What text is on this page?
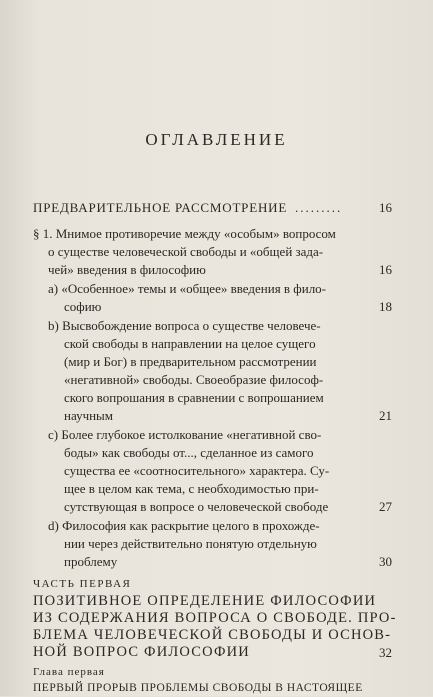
ОГЛАВЛЕНИЕ
ПРЕДВАРИТЕЛЬНОЕ РАССМОТРЕНИЕ .........	16
§ 1. Мнимое противоречие между «особым» вопросом
о существе человеческой свободы и «общей зада-
чей» введения в философию	16
a) «Особенное» темы и «общее» введения в фило-
софию	18
b) Высвобождение вопроса о существе человече-
ской свободы в направлении на целое сущего
(мир и Бог) в предварительном рассмотрении
«негативной» свободы. Своеобразие философ-
ского вопрошания в сравнении с вопрошанием
научным	21
c) Более глубокое истолкование «негативной сво-
боды» как свободы от..., сделанное из самого
существа ее «соотносительного» характера. Су-
щее в целом как тема, с необходимостью при-
сутствующая в вопросе о человеческой свободе	27
d) Философия как раскрытие целого в прохожде-
нии через действительно понятую отдельную
проблему	30
ЧАСТЬ ПЕРВАЯ
ПОЗИТИВНОЕ ОПРЕДЕЛЕНИЕ ФИЛОСОФИИ
ИЗ СОДЕРЖАНИЯ ВОПРОСА О СВОБОДЕ. ПРО-
БЛЕМА ЧЕЛОВЕЧЕСКОЙ СВОБОДЫ И ОСНОВ-
НОЙ ВОПРОС ФИЛОСОФИИ	32
Глава первая
ПЕРВЫЙ ПРОРЫВ ПРОБЛЕМЫ СВОБОДЫ В НАСТОЯЩЕЕ
